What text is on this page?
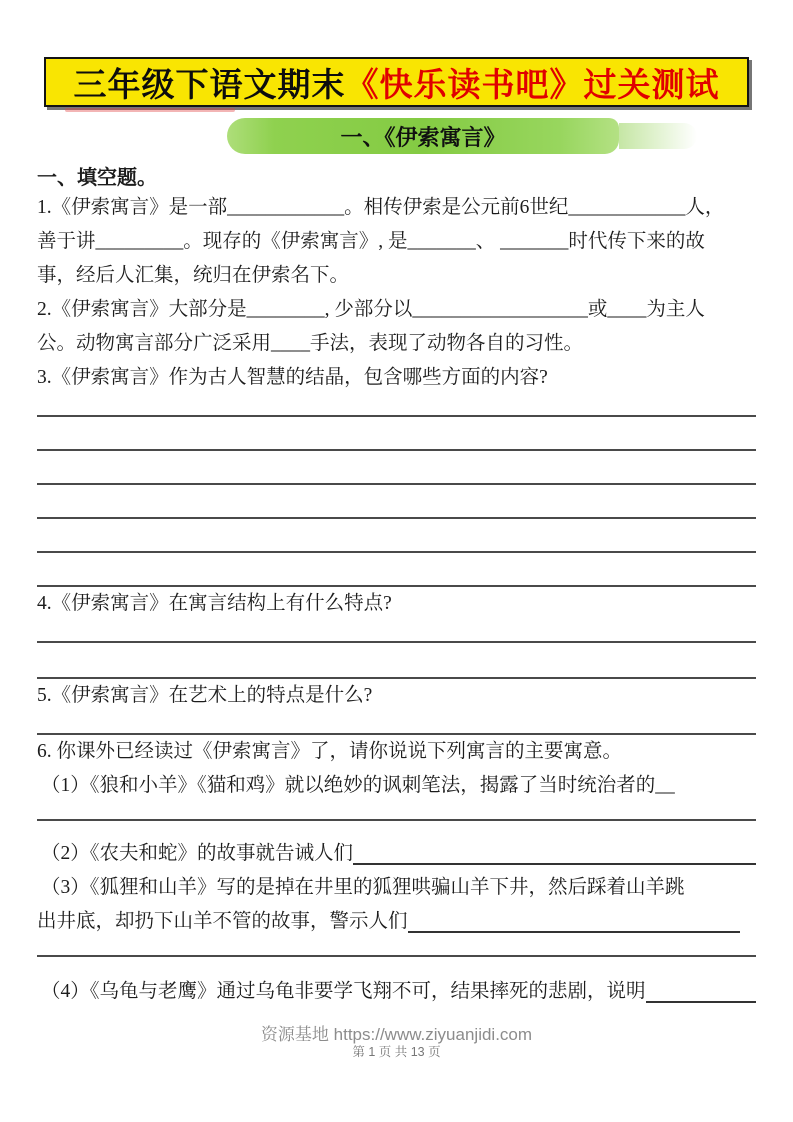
三年级下语文期末 《快乐读书吧》过关测试
一、《伊索寓言》
一、填空题。

1.《伊索寓言》是一部____________。相传伊索是公元前6世纪____________人，

善于讲_________。现存的《伊索寓言》, 是_______、 _______时代传下来的故

事，经后人汇集，统归在伊索名下。

2.《伊索寓言》大部分是________, 少部分以__________________或____为主人

公。动物寓言部分广泛采用____手法，表现了动物各自的习性。

3.《伊索寓言》作为古人智慧的结晶，包含哪些方面的内容?

4.《伊索寓言》在寓言结构上有什么特点?

5.《伊索寓言》在艺术上的特点是什么?

6. 你课外已经读过《伊索寓言》了，请你说说下列寓言的主要寓意。

（1）《狼和小羊》《猫和鸡》就以绝妙的讽刺笔法，揭露了当时统治者的__

（2）《农夫和蛇》的故事就告诫人们

（3）《狐狸和山羊》写的是掉在井里的狐狸哄骗山羊下井，然后踩着山羊跳

出井底，却扔下山羊不管的故事，警示人们
（4）《乌龟与老鹰》通过乌龟非要学飞翔不可，结果摔死的悲剧，说明
资源基地 https://www.ziyuanjidi.com
第 1 页 共 13 页
